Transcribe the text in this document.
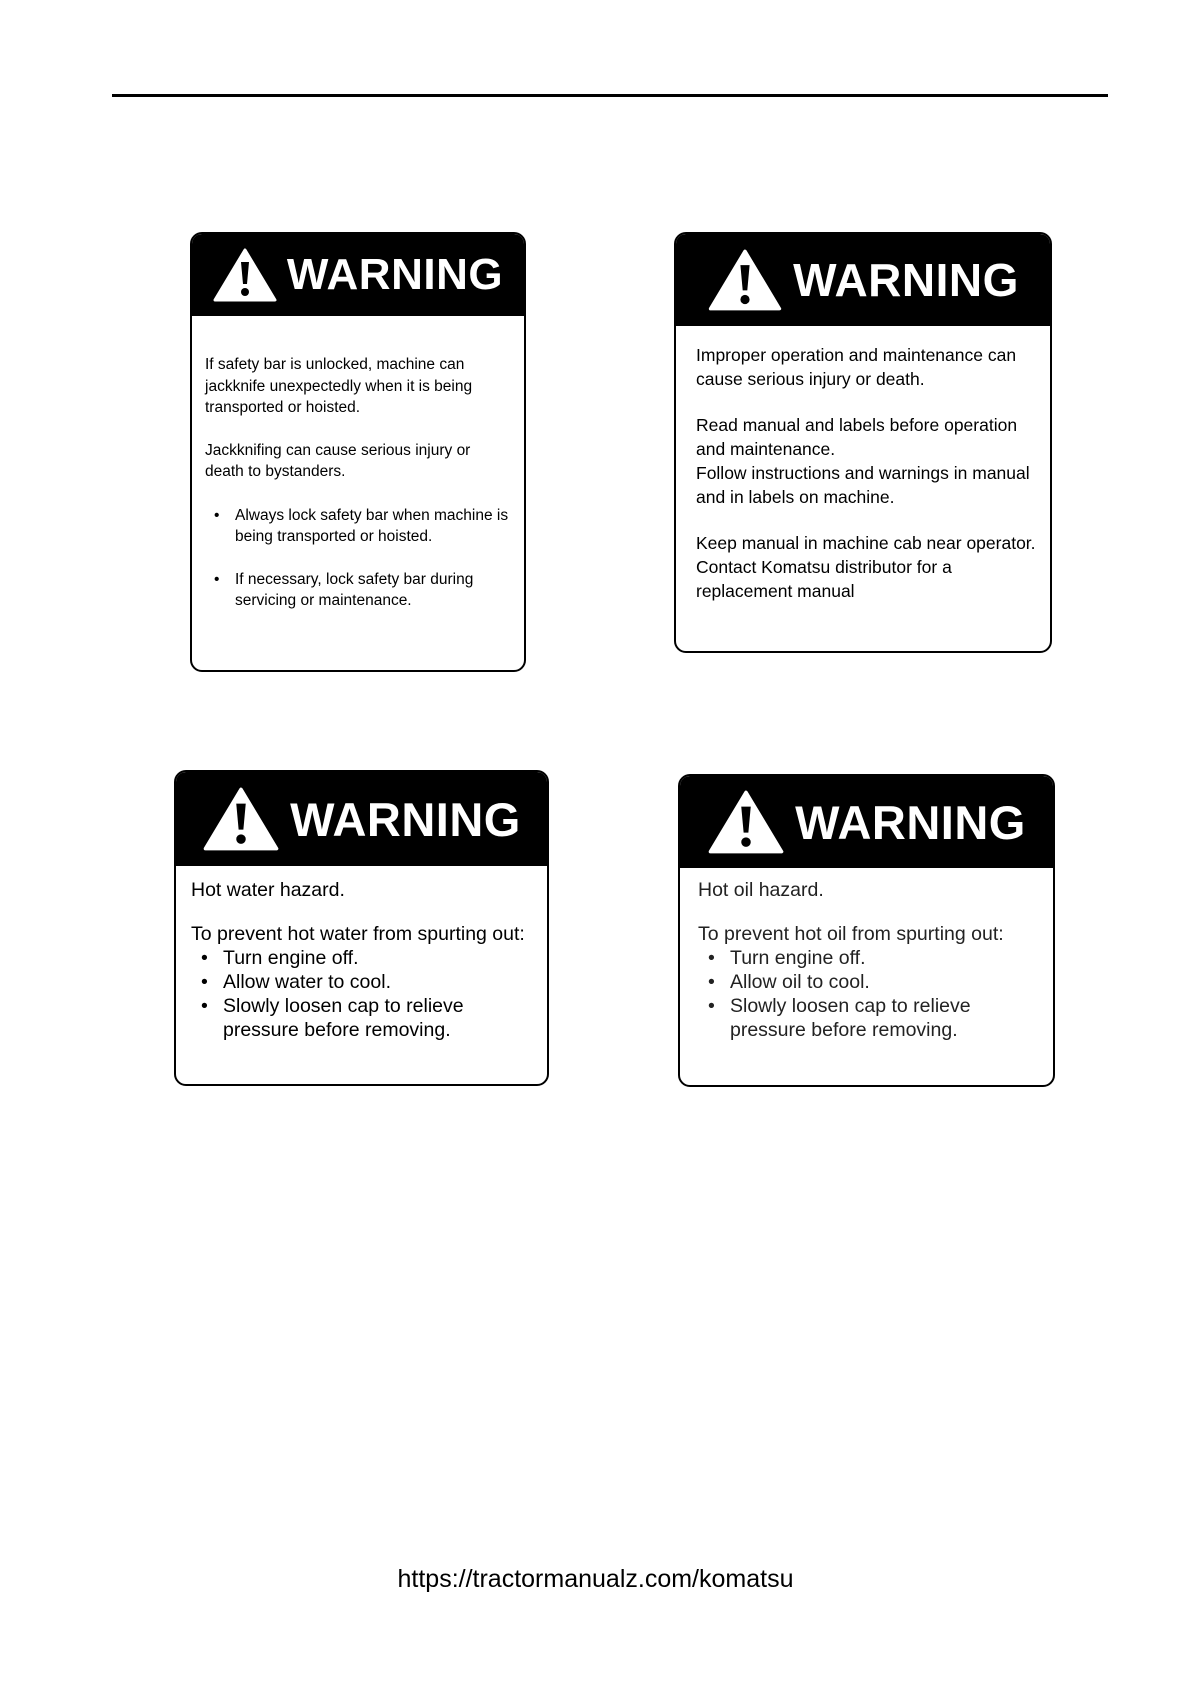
WARNING

If safety bar is unlocked, machine can jackknife unexpectedly when it is being transported or hoisted.

Jackknifing can cause serious injury or death to bystanders.

• Always lock safety bar when machine is being transported or hoisted.
• If necessary, lock safety bar during servicing or maintenance.
WARNING

Improper operation and maintenance can cause serious injury or death.

Read manual and labels before operation and maintenance.

Follow instructions and warnings in manual and in labels on machine.

Keep manual in machine cab near operator.

Contact Komatsu distributor for a replacement manual

WARNING

Hot water hazard.

To prevent hot water from spurting out:

• Turn engine off.
• Allow water to cool.
• Slowly loosen cap to relieve pressure before removing.
WARNING

Hot oil hazard.

To prevent hot oil from spurting out:

• Turn engine off.
• Allow oil to cool.
• Slowly loosen cap to relieve pressure before removing.
https://tractormanualz.com/komatsu
